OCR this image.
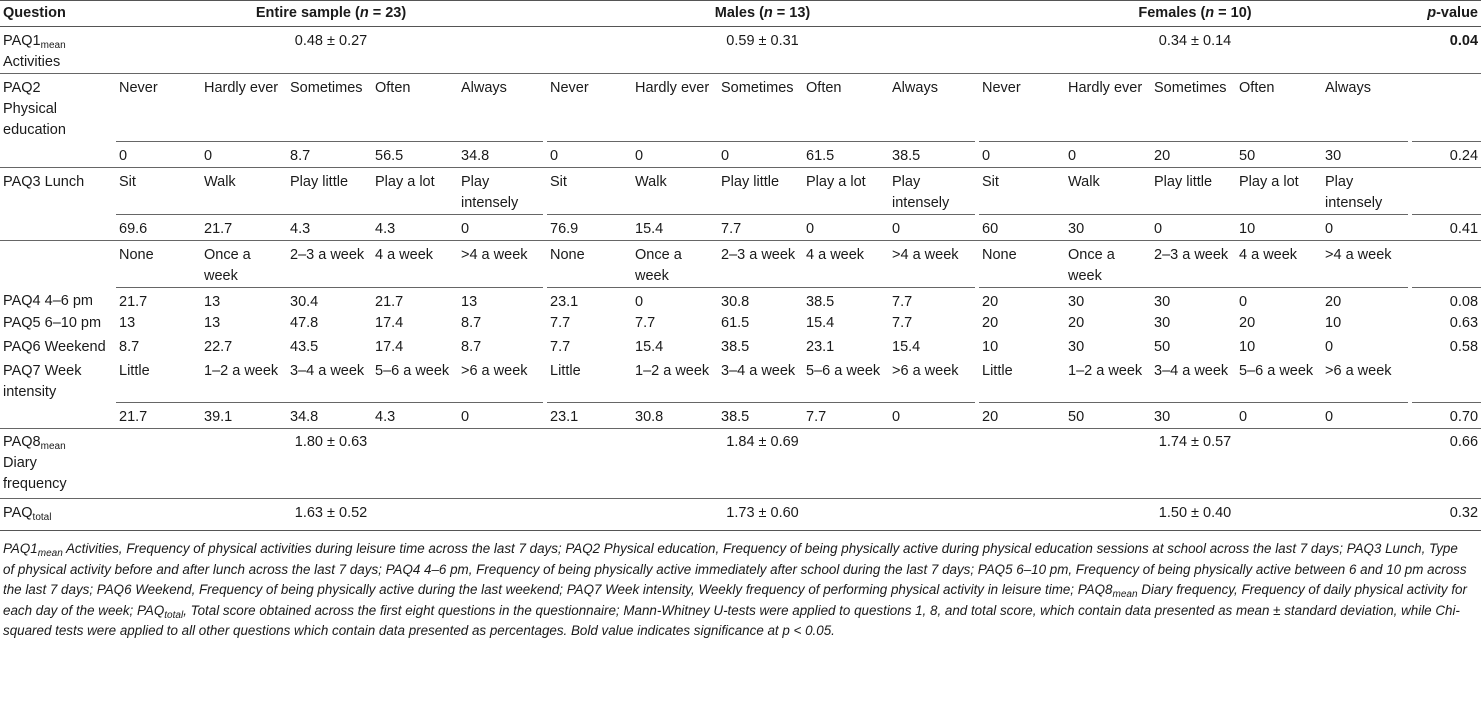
Question	Entire sample (n = 23)						Males (n = 13)						Females (n = 10)						p-value
$PAQ1_{mean}$
Activities	0.48 ± 0.27						0.59 ± 0.31						0.34 ± 0.14						0.04
PAQ2
Physical
education	Never	Hardly ever	Sometimes	Often	Always		Never	Hardly ever	Sometimes	Often	Always		Never	Hardly ever	Sometimes	Often	Always		
	0	0	8.7	56.5	34.8		0	0	0	61.5	38.5		0	0	20	50	30		0.24
PAQ3 Lunch	Sit	Walk	Play little	Play a lot	Play intensely		Sit	Walk	Play little	Play a lot	Play intensely		Sit	Walk	Play little	Play a lot	Play intensely		
	69.6	21.7	4.3	4.3	0		76.9	15.4	7.7	0	0		60	30	0	10	0		0.41
	None	Once a week	2–3 a week	4 a week	>4 a week		None	Once a week	2–3 a week	4 a week	>4 a week		None	Once a week	2–3 a week	4 a week	>4 a week		
PAQ4 4–6 pm	21.7	13	30.4	21.7	13		23.1	0	30.8	38.5	7.7		20	30	30	0	20		0.08
PAQ5 6–10 pm	13	13	47.8	17.4	8.7		7.7	7.7	61.5	15.4	7.7		20	20	30	20	10		0.63
PAQ6 Weekend	8.7	22.7	43.5	17.4	8.7		7.7	15.4	38.5	23.1	15.4		10	30	50	10	0		0.58
PAQ7 Week intensity	Little	1–2 a week	3–4 a week	5–6 a week	>6 a week		Little	1–2 a week	3–4 a week	5–6 a week	>6 a week		Little	1–2 a week	3–4 a week	5–6 a week	>6 a week		
	21.7	39.1	34.8	4.3	0		23.1	30.8	38.5	7.7	0		20	50	30	0	0		0.70
$PAQ8_{mean}$
Diary
frequency	1.80 ± 0.63						1.84 ± 0.69						1.74 ± 0.57						0.66
$PAQ_{total}$	1.63 ± 0.52						1.73 ± 0.60						1.50 ± 0.40						0.32
$PAQ1_{mean}$ Activities, Frequency of physical activities during leisure time across the last 7 days; PAQ2 Physical education, Frequency of being physically active during physical education sessions at school across the last 7 days; PAQ3 Lunch, Type of physical activity before and after lunch across the last 7 days; PAQ4 4–6 pm, Frequency of being physically active immediately after school during the last 7 days; PAQ5 6–10 pm, Frequency of being physically active between 6 and 10 pm across the last 7 days; PAQ6 Weekend, Frequency of being physically active during the last weekend; PAQ7 Week intensity, Weekly frequency of performing physical activity in leisure time; $PAQ8_{mean}$ Diary frequency, Frequency of daily physical activity for each day of the week; $PAQ_{total}$, Total score obtained across the first eight questions in the questionnaire; Mann-Whitney U-tests were applied to questions 1, 8, and total score, which contain data presented as mean ± standard deviation, while Chi-squared tests were applied to all other questions which contain data presented as percentages. Bold value indicates significance at p < 0.05.
